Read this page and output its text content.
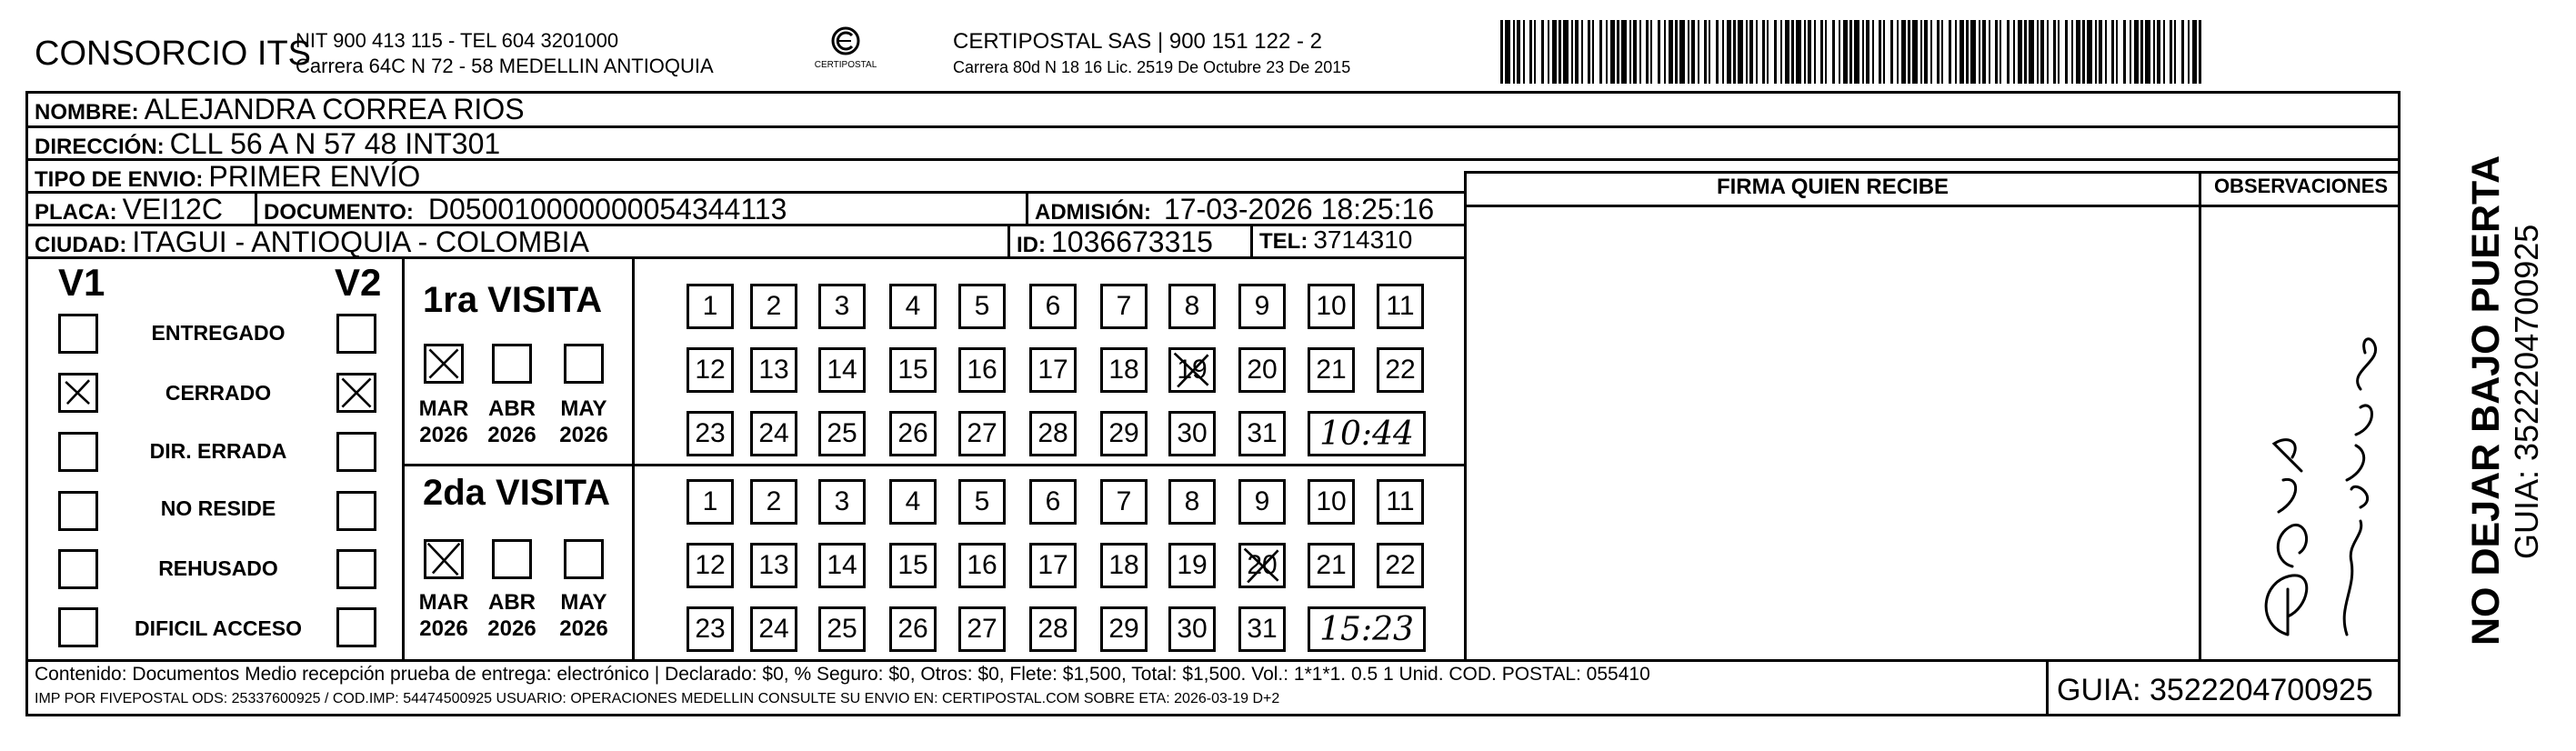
CONSORCIO ITS
NIT 900 413 115 - TEL 604 3201000
Carrera 64C N 72 - 58 MEDELLIN ANTIOQUIA	CERTIPOSTAL
CERTIPOSTAL SAS | 900 151 122 - 2
Carrera 80d N 18 16 Lic. 2519 De Octubre 23 De 2015
NOMBRE: ALEJANDRA CORREA RIOS
DIRECCIÓN: CLL 56 A N 57 48 INT301
TIPO DE ENVIO: PRIMER ENVÍO
PLACA: VEI12C DOCUMENTO: D050010000000054344113	ADMISIÓN: 17-03-2026 18:25:16
CIUDAD: ITAGUI - ANTIOQUIA - COLOMBIA	ID: 1036673315 TEL: 3714310
FIRMA QUIEN RECIBE	OBSERVACIONES
V1	V2
ENTREGADO
CERRADO
DIR. ERRADA
NO RESIDE
REHUSADO
DIFICIL ACCESO
1ra VISITA
MAR
2026
ABR
2026
MAY
2026
1	2	3	4	5	6	7	8	9	10	11
12	13	14	15	16	17	18	19	20	21	22
23	24	25	26	27	28	29	30	31	10:44
2da VISITA
MAR
2026
ABR
2026
MAY
2026
1	2	3	4	5	6	7	8	9	10	11
12	13	14	15	16	17	18	19	20	21	22
23	24	25	26	27	28	29	30	31	15:23
Contenido: Documentos Medio recepción prueba de entrega: electrónico | Declarado: $0, % Seguro: $0, Otros: $0, Flete: $1,500, Total: $1,500. Vol.: 1*1*1. 0.5 1 Unid. COD. POSTAL: 055410
IMP POR FIVEPOSTAL ODS: 25337600925 / COD.IMP: 54474500925 USUARIO: OPERACIONES MEDELLIN CONSULTE SU ENVIO EN: CERTIPOSTAL.COM SOBRE ETA: 2026-03-19 D+2	GUIA: 3522204700925
NO DEJAR BAJO PUERTA GUIA: 3522204700925
